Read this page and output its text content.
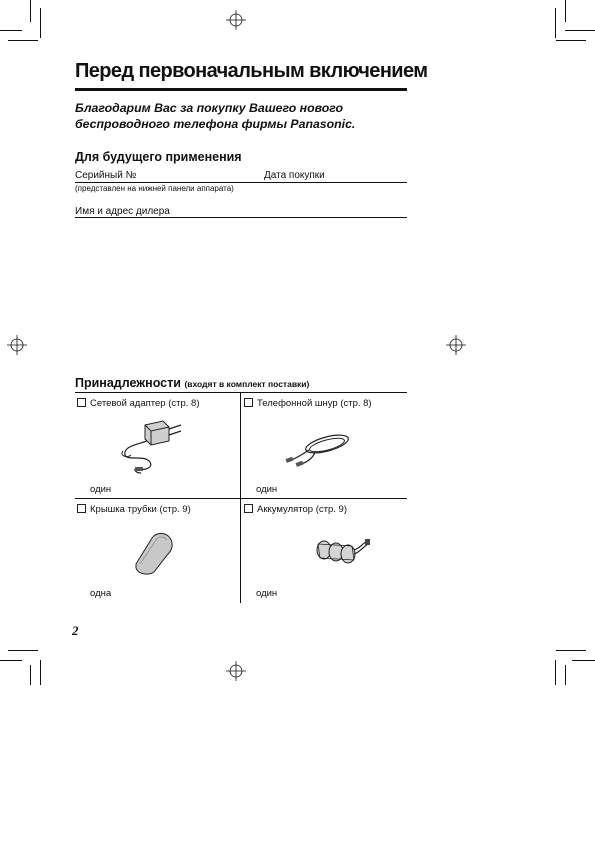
Перед первоначальным включением
Благодарим Вас за покупку Вашего нового
беспроводного телефона фирмы Panasonic.
Для будущего применения
Серийный №	Дата покупки
(представлен на нижней панели аппарата)
Имя и адрес дилера
Принадлежности (входят в комплект поставки)
Сетевой адаптер (стр. 8)
один
Телефонной шнур (стр. 8)
один
Крышка трубки (стр. 9)
одна
Аккумулятор (стр. 9)
один
2
